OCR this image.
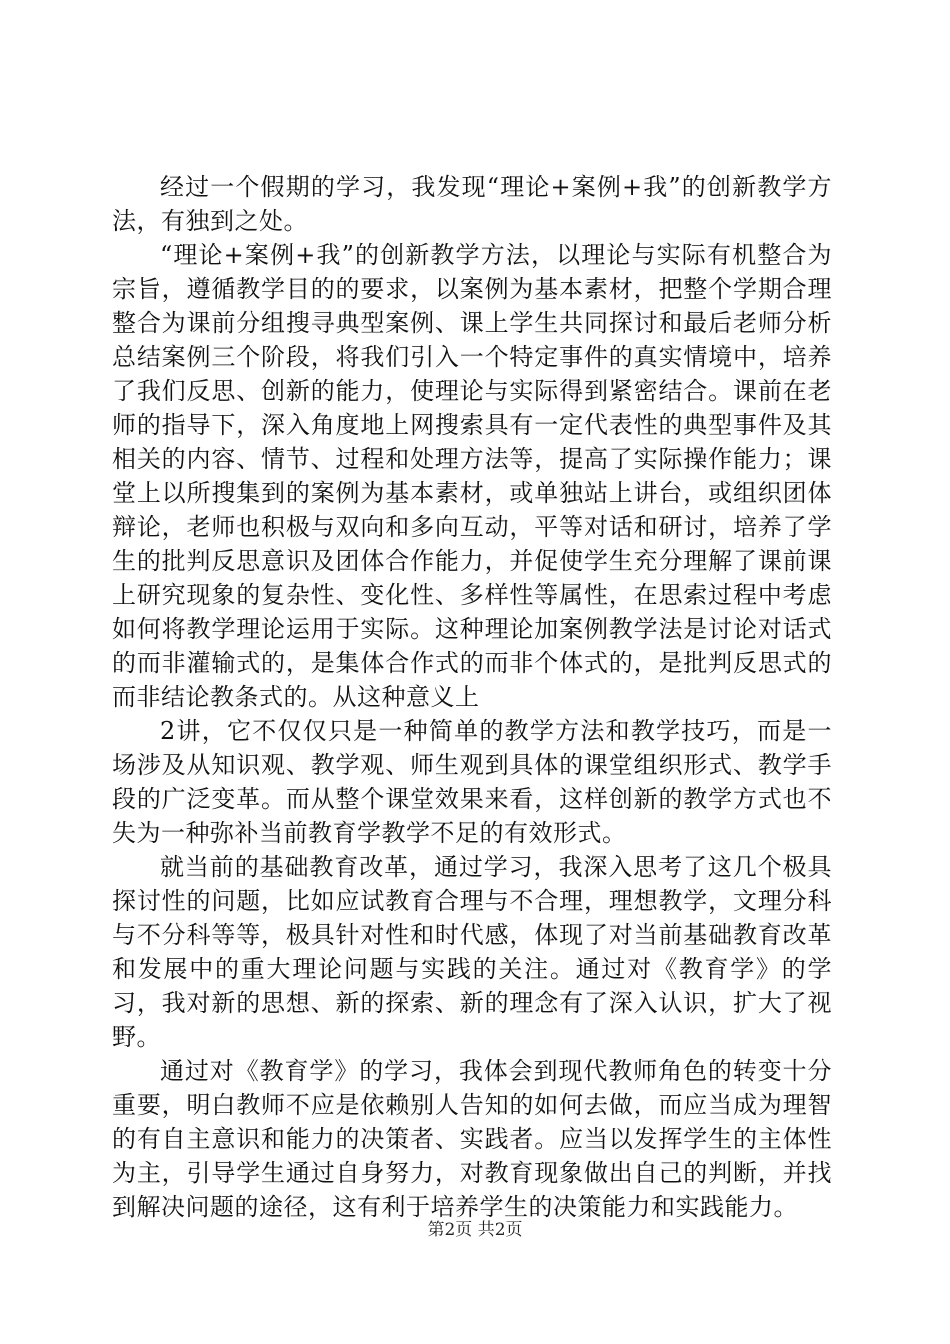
经过一个假期的学习，我发现“理论+案例+我”的创新教学方法，有独到之处。

“理论+案例+我”的创新教学方法，以理论与实际有机整合为宗旨，遵循教学目的的要求，以案例为基本素材，把整个学期合理整合为课前分组搜寻典型案例、课上学生共同探讨和最后老师分析总结案例三个阶段，将我们引入一个特定事件的真实情境中，培养了我们反思、创新的能力，使理论与实际得到紧密结合。课前在老师的指导下，深入角度地上网搜索具有一定代表性的典型事件及其相关的内容、情节、过程和处理方法等，提高了实际操作能力；课堂上以所搜集到的案例为基本素材，或单独站上讲台，或组织团体辩论，老师也积极与双向和多向互动，平等对话和研讨，培养了学生的批判反思意识及团体合作能力，并促使学生充分理解了课前课上研究现象的复杂性、变化性、多样性等属性，在思索过程中考虑如何将教学理论运用于实际。这种理论加案例教学法是讨论对话式的而非灌输式的，是集体合作式的而非个体式的，是批判反思式的而非结论教条式的。从这种意义上

2讲，它不仅仅只是一种简单的教学方法和教学技巧，而是一场涉及从知识观、教学观、师生观到具体的课堂组织形式、教学手段的广泛变革。而从整个课堂效果来看，这样创新的教学方式也不失为一种弥补当前教育学教学不足的有效形式。

就当前的基础教育改革，通过学习，我深入思考了这几个极具探讨性的问题，比如应试教育合理与不合理，理想教学，文理分科与不分科等等，极具针对性和时代感，体现了对当前基础教育改革和发展中的重大理论问题与实践的关注。通过对《教育学》的学习，我对新的思想、新的探索、新的理念有了深入认识，扩大了视野。

通过对《教育学》的学习，我体会到现代教师角色的转变十分重要，明白教师不应是依赖别人告知的如何去做，而应当成为理智的有自主意识和能力的决策者、实践者。应当以发挥学生的主体性为主，引导学生通过自身努力，对教育现象做出自己的判断，并找到解决问题的途径，这有利于培养学生的决策能力和实践能力。

第2页 共2页
